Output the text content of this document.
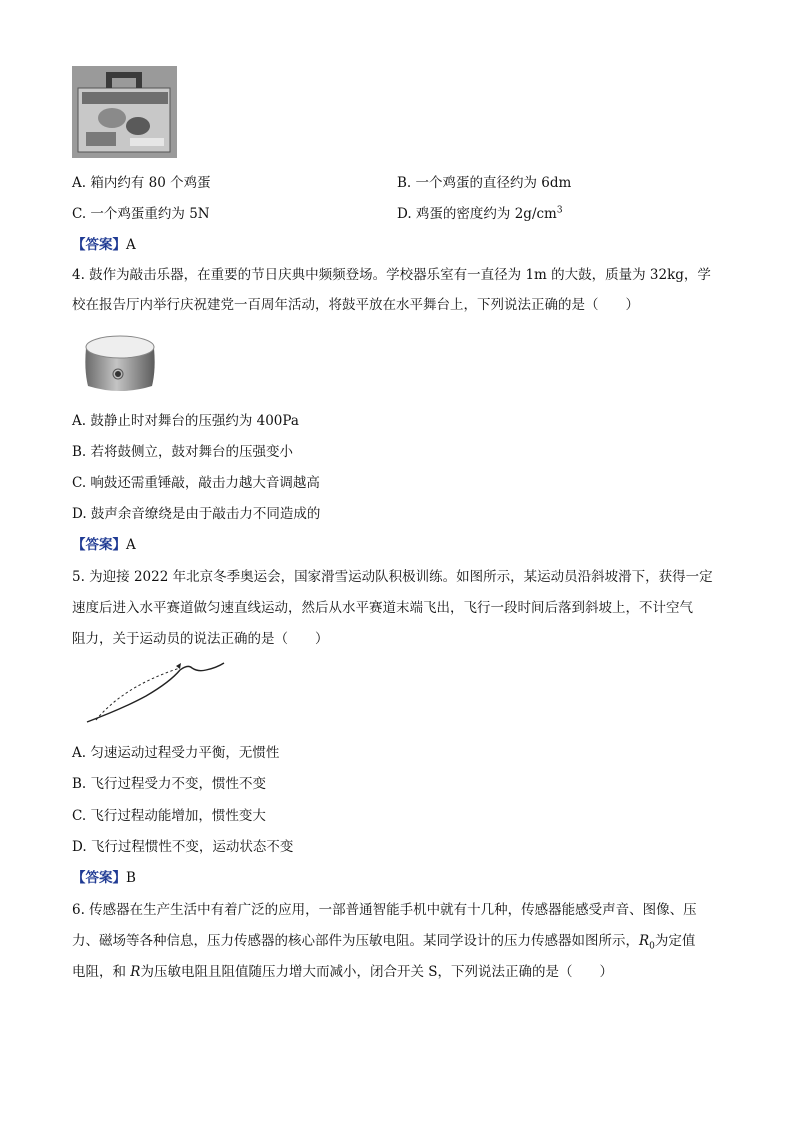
A. 箱内约有 80 个鸡蛋	B. 一个鸡蛋的直径约为 6dm
C. 一个鸡蛋重约为 5N	D. 鸡蛋的密度约为 $2g/cm^3$
【答案】A
4. 鼓作为敲击乐器，在重要的节日庆典中频频登场。学校器乐室有一直径为 1m 的大鼓，质量为 32kg，学
校在报告厅内举行庆祝建党一百周年活动，将鼓平放在水平舞台上，下列说法正确的是（　　）
A. 鼓静止时对舞台的压强约为 400Pa
B. 若将鼓侧立，鼓对舞台的压强变小
C. 响鼓还需重锤敲，敲击力越大音调越高
D. 鼓声余音缭绕是由于敲击力不同造成的
【答案】A
5. 为迎接 2022 年北京冬季奥运会，国家滑雪运动队积极训练。如图所示，某运动员沿斜坡滑下，获得一定
速度后进入水平赛道做匀速直线运动，然后从水平赛道末端飞出，飞行一段时间后落到斜坡上，不计空气
阻力，关于运动员的说法正确的是（　　）
A. 匀速运动过程受力平衡，无惯性
B. 飞行过程受力不变，惯性不变
C. 飞行过程动能增加，惯性变大
D. 飞行过程惯性不变，运动状态不变
【答案】B
6. 传感器在生产生活中有着广泛的应用，一部普通智能手机中就有十几种，传感器能感受声音、图像、压
力、磁场等各种信息，压力传感器的核心部件为压敏电阻。某同学设计的压力传感器如图所示，$R_0$为定值
电阻，和 R为压敏电阻且阻值随压力增大而减小，闭合开关 S，下列说法正确的是（　　）
